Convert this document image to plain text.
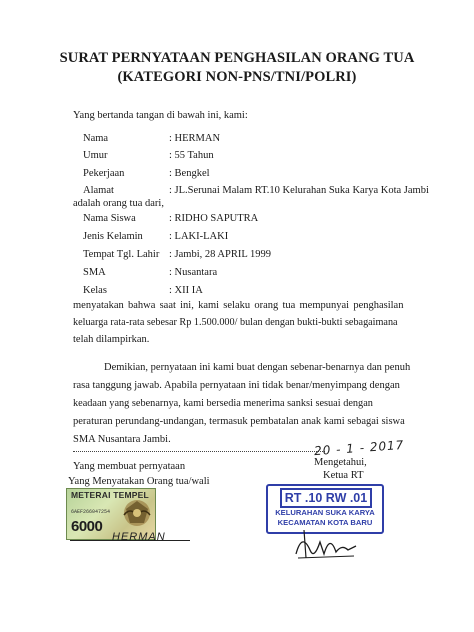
SURAT PERNYATAAN PENGHASILAN ORANG TUA
(KATEGORI NON-PNS/TNI/POLRI)
Yang bertanda tangan di bawah ini, kami:
Nama	: HERMAN
Umur	: 55 Tahun
Pekerjaan	: Bengkel
Alamat	: JL.Serunai Malam RT.10 Kelurahan Suka Karya Kota Jambi
adalah orang tua dari,
Nama Siswa	: RIDHO SAPUTRA
Jenis Kelamin : LAKI-LAKI
Tempat Tgl. Lahir : Jambi, 28 APRIL 1999
SMA	: Nusantara
Kelas	: XII IA
menyatakan bahwa saat ini, kami selaku orang tua mempunyai penghasilan
keluarga rata-rata sebesar Rp 1.500.000/ bulan dengan bukti-bukti sebagaimana
telah dilampirkan.
Demikian, pernyataan ini kami buat dengan sebenar-benarnya dan penuh
rasa tanggung jawab. Apabila pernyataan ini tidak benar/menyimpang dengan
keadaan yang sebenarnya, kami bersedia menerima sanksi sesuai dengan
peraturan perundang-undangan, termasuk pembatalan anak kami sebagai siswa
SMA Nusantara Jambi.
Yang membuat pernyataan
20 - 1 - 2017
Mengetahui,
Ketua RT
Yang Menyatakan Orang tua/wali
METERAI TEMPEL
6AEF266047254
6000
HERMAN
RT .10 RW .01
KELURAHAN SUKA KARYA
KECAMATAN KOTA BARU
